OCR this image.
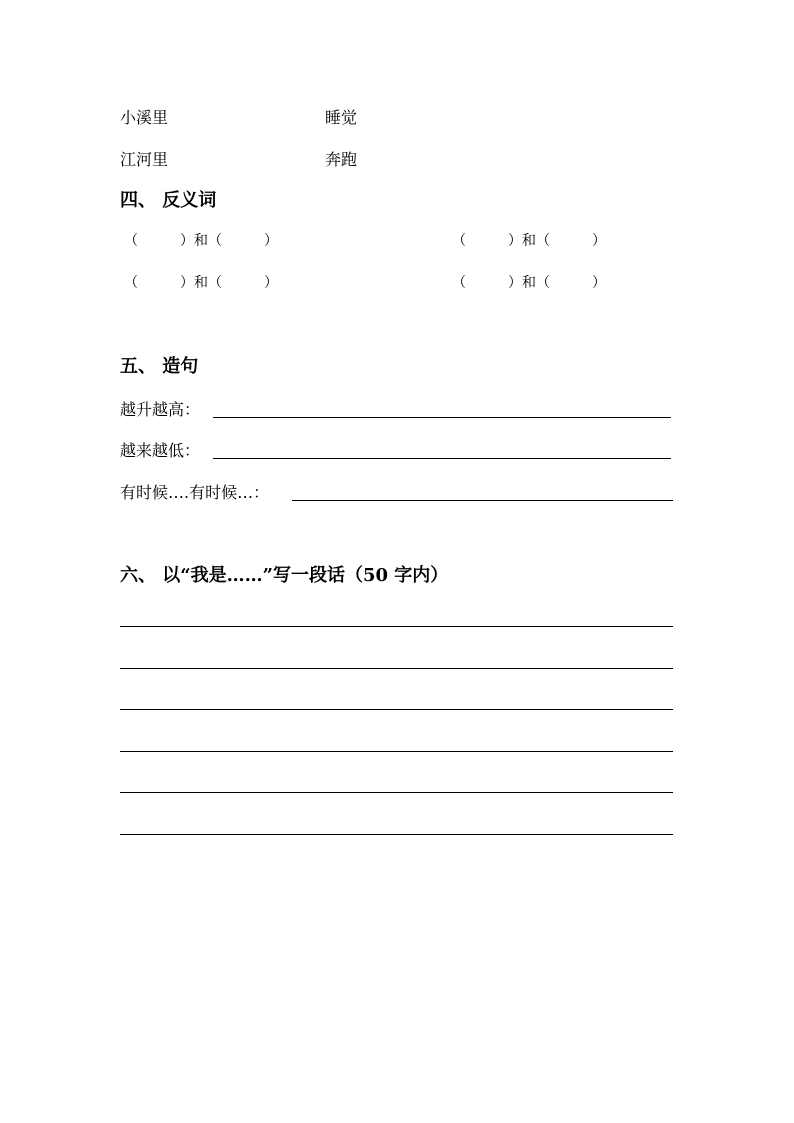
小溪里	睡觉
江河里	奔跑
四、 反义词
（　　　）和（　　　）	（　　　）和（　　　）
（　　　）和（　　　）	（　　　）和（　　　）
五、 造句
越升越高：
越来越低：
有时候….有时候…：
六、 以“我是……”写一段话（50 字内）
